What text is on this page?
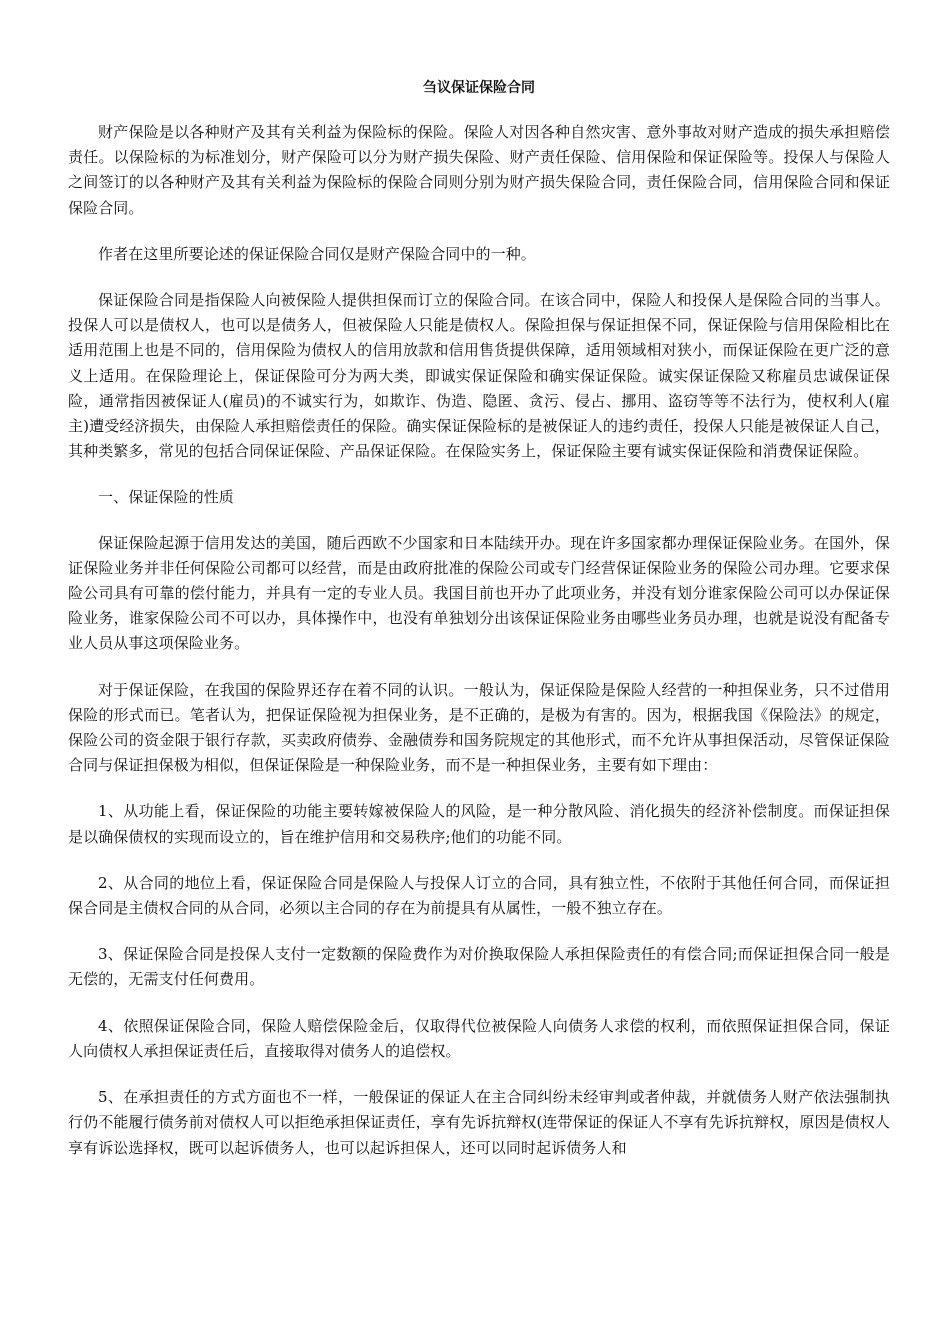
刍议保证保险合同

财产保险是以各种财产及其有关利益为保险标的保险。保险人对因各种自然灾害、意外事故对财产造成的损失承担赔偿责任。以保险标的为标准划分，财产保险可以分为财产损失保险、财产责任保险、信用保险和保证保险等。投保人与保险人之间签订的以各种财产及其有关利益为保险标的保险合同则分别为财产损失保险合同，责任保险合同，信用保险合同和保证保险合同。

作者在这里所要论述的保证保险合同仅是财产保险合同中的一种。

保证保险合同是指保险人向被保险人提供担保而订立的保险合同。在该合同中，保险人和投保人是保险合同的当事人。投保人可以是债权人，也可以是债务人，但被保险人只能是债权人。保险担保与保证担保不同，保证保险与信用保险相比在适用范围上也是不同的，信用保险为债权人的信用放款和信用售货提供保障，适用领域相对狭小，而保证保险在更广泛的意义上适用。在保险理论上，保证保险可分为两大类，即诚实保证保险和确实保证保险。诚实保证保险又称雇员忠诚保证保险，通常指因被保证人(雇员)的不诚实行为，如欺诈、伪造、隐匿、贪污、侵占、挪用、盗窃等等不法行为，使权利人(雇主)遭受经济损失，由保险人承担赔偿责任的保险。确实保证保险标的是被保证人的违约责任，投保人只能是被保证人自己，其种类繁多，常见的包括合同保证保险、产品保证保险。在保险实务上，保证保险主要有诚实保证保险和消费保证保险。

一、保证保险的性质

保证保险起源于信用发达的美国，随后西欧不少国家和日本陆续开办。现在许多国家都办理保证保险业务。在国外，保证保险业务并非任何保险公司都可以经营，而是由政府批准的保险公司或专门经营保证保险业务的保险公司办理。它要求保险公司具有可靠的偿付能力，并具有一定的专业人员。我国目前也开办了此项业务，并没有划分谁家保险公司可以办保证保险业务，谁家保险公司不可以办，具体操作中，也没有单独划分出该保证保险业务由哪些业务员办理，也就是说没有配备专业人员从事这项保险业务。

对于保证保险，在我国的保险界还存在着不同的认识。一般认为，保证保险是保险人经营的一种担保业务，只不过借用保险的形式而已。笔者认为，把保证保险视为担保业务，是不正确的，是极为有害的。因为，根据我国《保险法》的规定，保险公司的资金限于银行存款，买卖政府债券、金融债券和国务院规定的其他形式，而不允许从事担保活动，尽管保证保险合同与保证担保极为相似，但保证保险是一种保险业务，而不是一种担保业务，主要有如下理由：

1、从功能上看，保证保险的功能主要转嫁被保险人的风险，是一种分散风险、消化损失的经济补偿制度。而保证担保是以确保债权的实现而设立的，旨在维护信用和交易秩序;他们的功能不同。

2、从合同的地位上看，保证保险合同是保险人与投保人订立的合同，具有独立性，不依附于其他任何合同，而保证担保合同是主债权合同的从合同，必须以主合同的存在为前提具有从属性，一般不独立存在。

3、保证保险合同是投保人支付一定数额的保险费作为对价换取保险人承担保险责任的有偿合同;而保证担保合同一般是无偿的，无需支付任何费用。

4、依照保证保险合同，保险人赔偿保险金后，仅取得代位被保险人向债务人求偿的权利，而依照保证担保合同，保证人向债权人承担保证责任后，直接取得对债务人的追偿权。

5、在承担责任的方式方面也不一样，一般保证的保证人在主合同纠纷未经审判或者仲裁，并就债务人财产依法强制执行仍不能履行债务前对债权人可以拒绝承担保证责任，享有先诉抗辩权(连带保证的保证人不享有先诉抗辩权，原因是债权人享有诉讼选择权，既可以起诉债务人，也可以起诉担保人，还可以同时起诉债务人和
